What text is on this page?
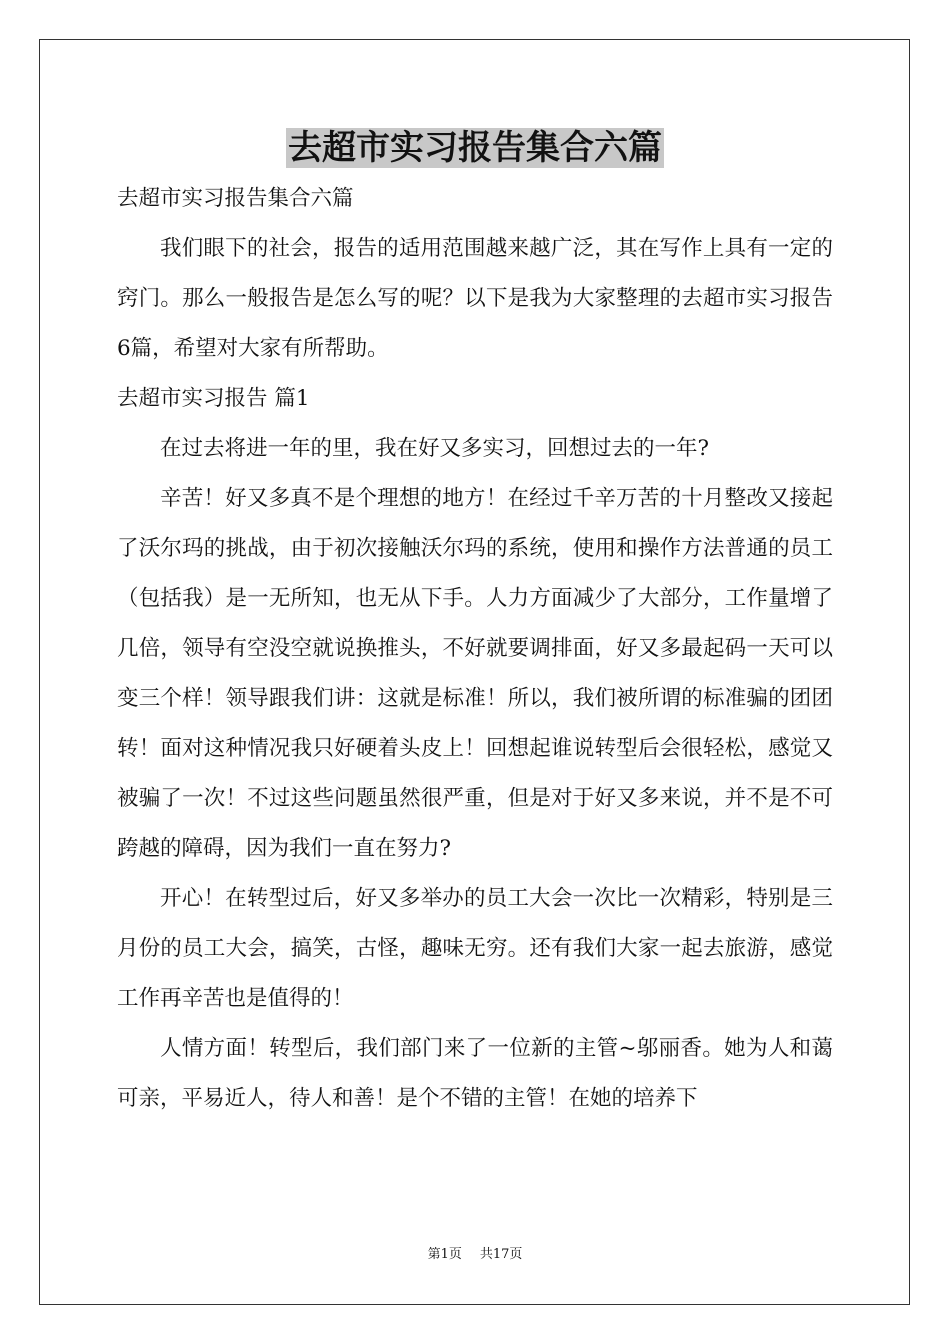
去超市实习报告集合六篇

去超市实习报告集合六篇

我们眼下的社会，报告的适用范围越来越广泛，其在写作上具有一定的窍门。那么一般报告是怎么写的呢？以下是我为大家整理的去超市实习报告6篇，希望对大家有所帮助。

去超市实习报告 篇1

在过去将进一年的里，我在好又多实习，回想过去的一年?

辛苦！好又多真不是个理想的地方！在经过千辛万苦的十月整改又接起了沃尔玛的挑战，由于初次接触沃尔玛的系统，使用和操作方法普通的员工（包括我）是一无所知，也无从下手。人力方面减少了大部分，工作量增了几倍，领导有空没空就说换推头，不好就要调排面，好又多最起码一天可以变三个样！领导跟我们讲：这就是标准！所以，我们被所谓的标准骗的团团转！面对这种情况我只好硬着头皮上！回想起谁说转型后会很轻松，感觉又被骗了一次！不过这些问题虽然很严重，但是对于好又多来说，并不是不可跨越的障碍，因为我们一直在努力?

开心！在转型过后，好又多举办的员工大会一次比一次精彩，特别是三月份的员工大会，搞笑，古怪，趣味无穷。还有我们大家一起去旅游，感觉工作再辛苦也是值得的！

人情方面！转型后，我们部门来了一位新的主管~邬丽香。她为人和蔼可亲，平易近人，待人和善！是个不错的主管！在她的培养下

第1页 共17页
